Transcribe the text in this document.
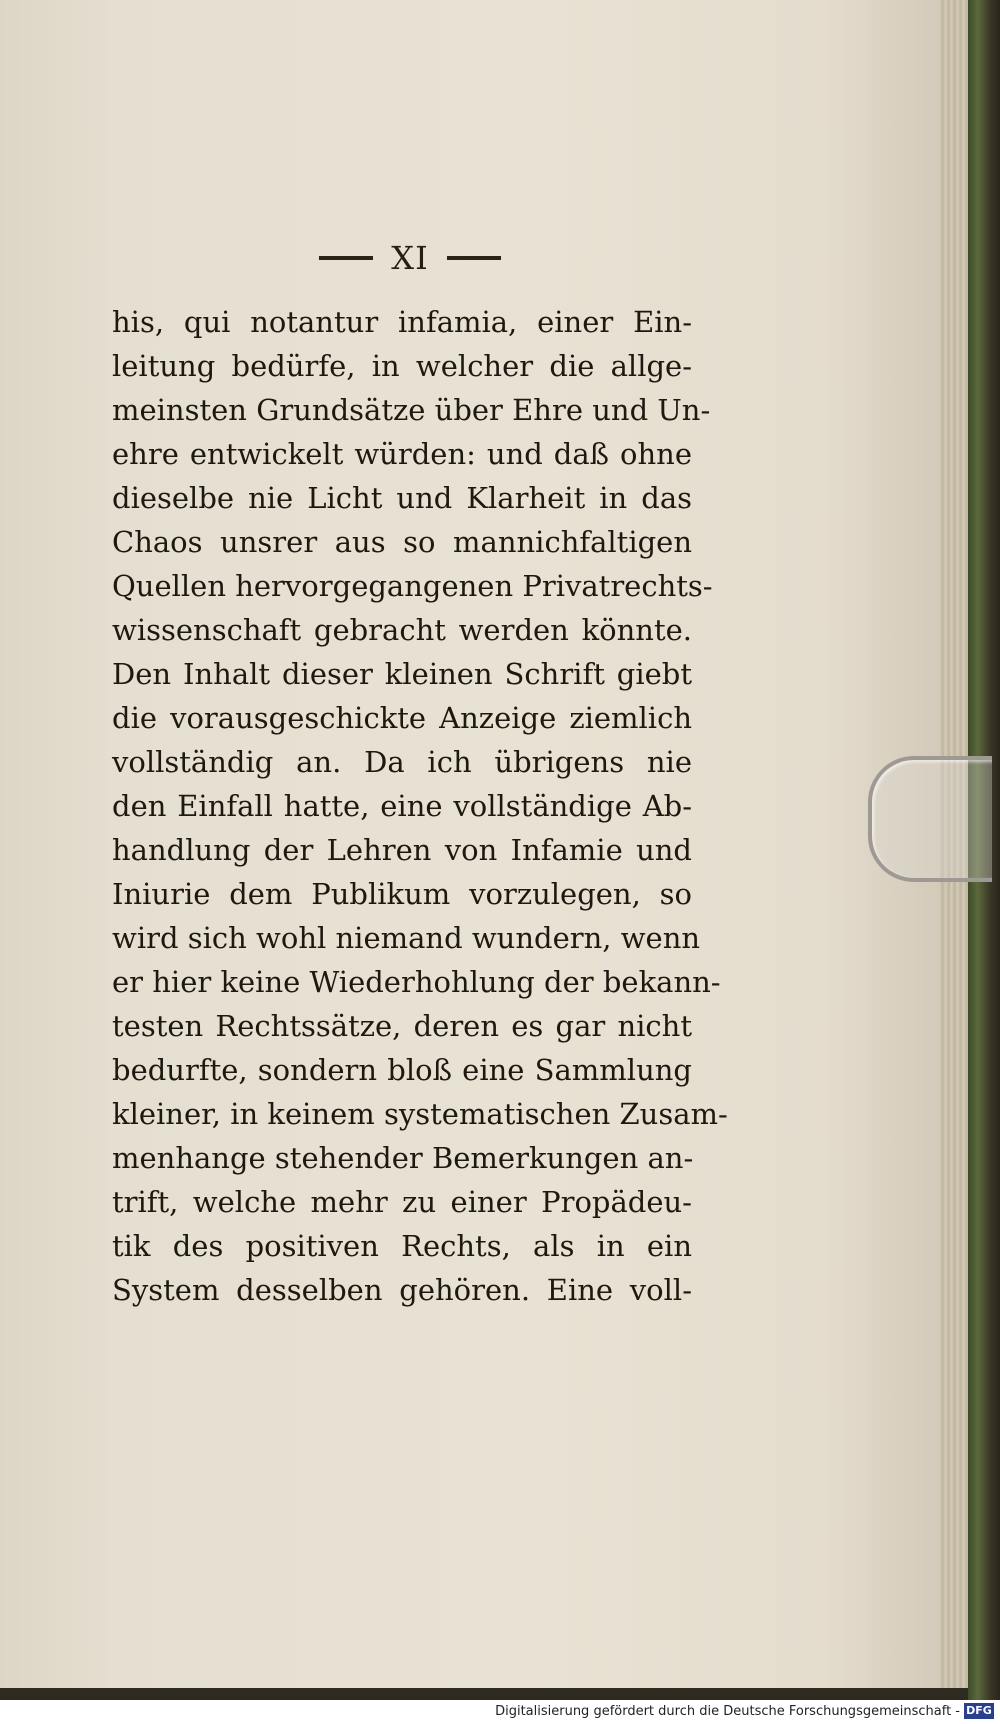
XI
his, qui notantur infamia, einer Ein-
leitung bedürfe, in welcher die allge-
meinsten Grundsätze über Ehre und Un-
ehre entwickelt würden: und daß ohne
dieselbe nie Licht und Klarheit in das
Chaos unsrer aus so mannichfaltigen
Quellen hervorgegangenen Privatrechts-
wissenschaft gebracht werden könnte.
Den Inhalt dieser kleinen Schrift giebt
die vorausgeschickte Anzeige ziemlich
vollständig an. Da ich übrigens nie
den Einfall hatte, eine vollständige Ab-
handlung der Lehren von Infamie und
Iniurie dem Publikum vorzulegen, so
wird sich wohl niemand wundern, wenn
er hier keine Wiederhohlung der bekann-
testen Rechtssätze, deren es gar nicht
bedurfte, sondern bloß eine Sammlung
kleiner, in keinem systematischen Zusam-
menhange stehender Bemerkungen an-
trift, welche mehr zu einer Propädeu-
tik des positiven Rechts, als in ein
System desselben gehören. Eine voll-
Digitalisierung gefördert durch die Deutsche Forschungsgemeinschaft - DFG
